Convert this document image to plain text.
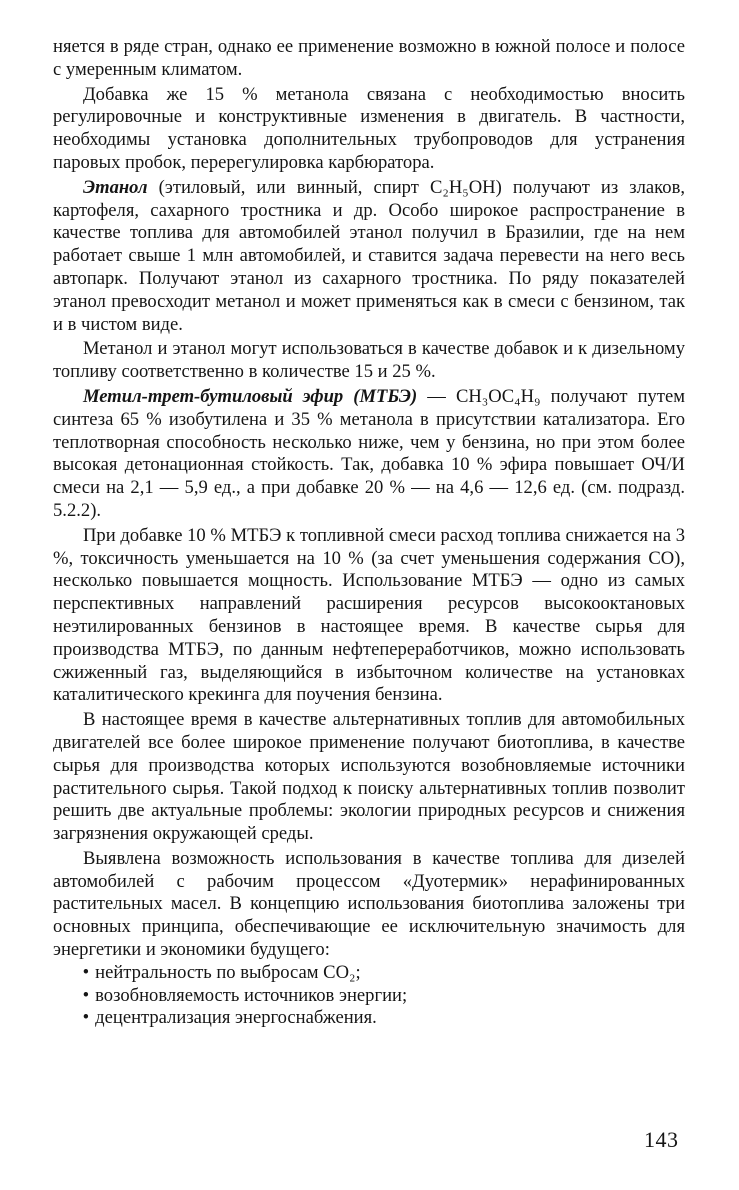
няется в ряде стран, однако ее применение возможно в южной полосе и полосе с умеренным климатом.

Добавка же 15 % метанола связана с необходимостью вносить регулировочные и конструктивные изменения в двигатель. В частности, необходимы установка дополнительных трубопроводов для устранения паровых пробок, перерегулировка карбюратора.

Этанол (этиловый, или винный, спирт C₂H₅OH) получают из злаков, картофеля, сахарного тростника и др. Особо широкое распространение в качестве топлива для автомобилей этанол получил в Бразилии, где на нем работает свыше 1 млн автомобилей, и ставится задача перевести на него весь автопарк. Получают этанол из сахарного тростника. По ряду показателей этанол превосходит метанол и может применяться как в смеси с бензином, так и в чистом виде.

Метанол и этанол могут использоваться в качестве добавок и к дизельному топливу соответственно в количестве 15 и 25 %.

Метил-трет-бутиловый эфир (МТБЭ) — CH₃OC₄H₉ получают путем синтеза 65 % изобутилена и 35 % метанола в присутствии катализатора. Его теплотворная способность несколько ниже, чем у бензина, но при этом более высокая детонационная стойкость. Так, добавка 10 % эфира повышает ОЧ/И смеси на 2,1 — 5,9 ед., а при добавке 20 % — на 4,6 — 12,6 ед. (см. подразд. 5.2.2).

При добавке 10 % МТБЭ к топливной смеси расход топлива снижается на 3 %, токсичность уменьшается на 10 % (за счет уменьшения содержания CO), несколько повышается мощность. Использование МТБЭ — одно из самых перспективных направлений расширения ресурсов высокооктановых неэтилированных бензинов в настоящее время. В качестве сырья для производства МТБЭ, по данным нефтепереработчиков, можно использовать сжиженный газ, выделяющийся в избыточном количестве на установках каталитического крекинга для поучения бензина.

В настоящее время в качестве альтернативных топлив для автомобильных двигателей все более широкое применение получают биотоплива, в качестве сырья для производства которых используются возобновляемые источники растительного сырья. Такой подход к поиску альтернативных топлив позволит решить две актуальные проблемы: экологии природных ресурсов и снижения загрязнения окружающей среды.

Выявлена возможность использования в качестве топлива для дизелей автомобилей с рабочим процессом «Дуотермик» нерафинированных растительных масел. В концепцию использования биотоплива заложены три основных принципа, обеспечивающие ее исключительную значимость для энергетики и экономики будущего:

• нейтральность по выбросам CO₂;
• возобновляемость источников энергии;
• децентрализация энергоснабжения.
143
